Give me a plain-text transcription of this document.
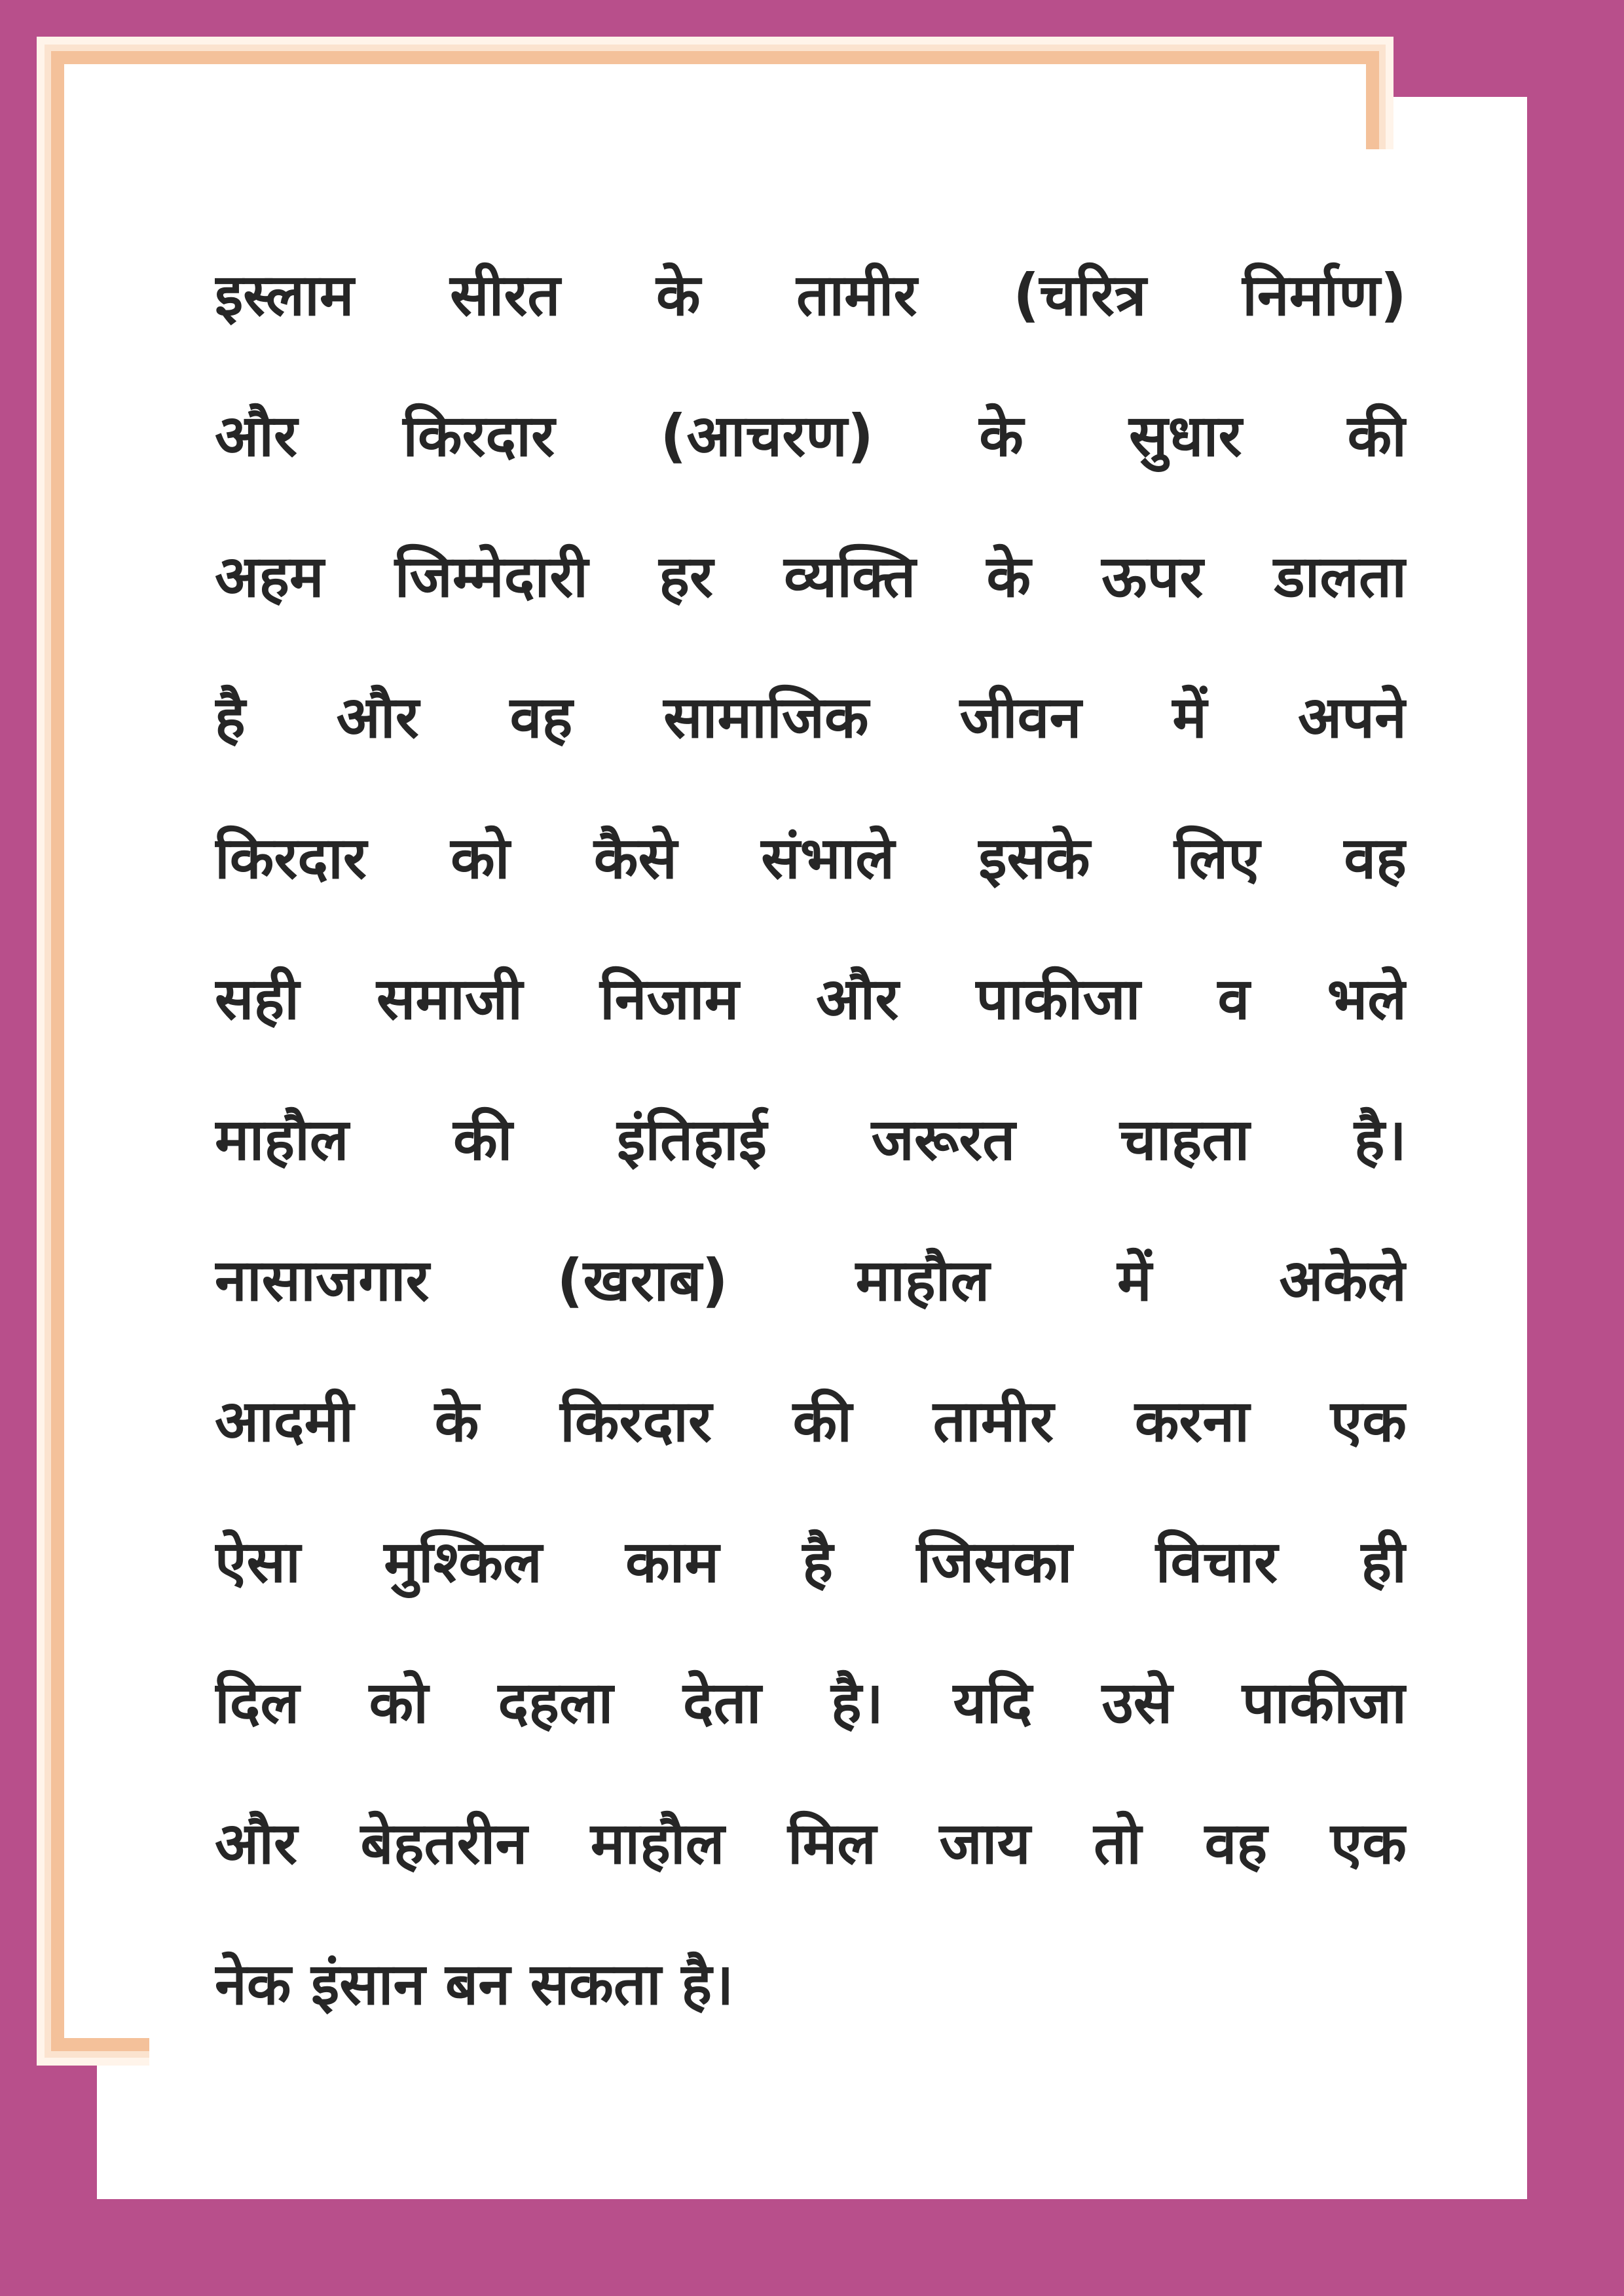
इस्लाम सीरत के तामीर (चरित्र निर्माण)
और किरदार (आचरण) के सुधार की
अहम जिम्मेदारी हर व्यक्ति के ऊपर डालता
है और वह सामाजिक जीवन में अपने
किरदार को कैसे संभाले इसके लिए वह
सही समाजी निजाम और पाकीजा व भले
माहौल की इंतिहाई जरूरत चाहता है।
नासाजगार (खराब) माहौल में अकेले
आदमी के किरदार की तामीर करना एक
ऐसा मुश्किल काम है जिसका विचार ही
दिल को दहला देता है। यदि उसे पाकीजा
और बेहतरीन माहौल मिल जाय तो वह एक
नेक इंसान बन सकता है।
